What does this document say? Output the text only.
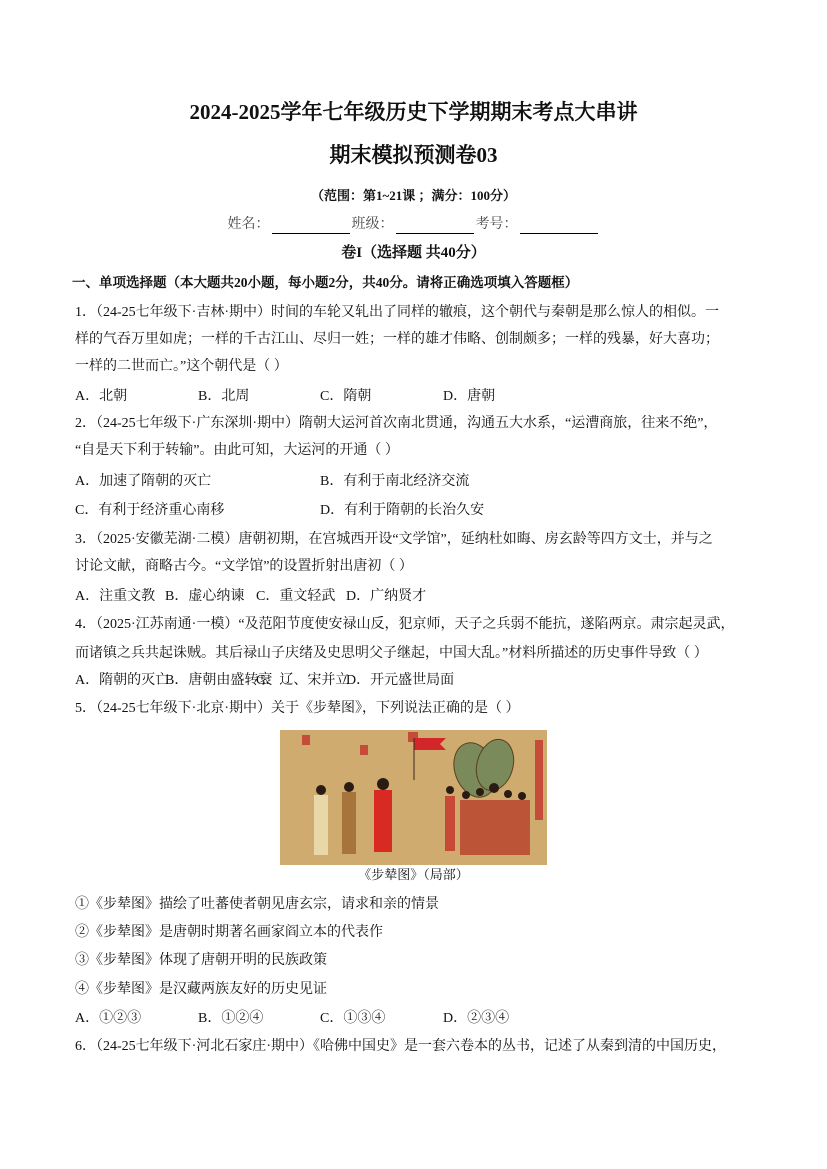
2024-2025学年七年级历史下学期期末考点大串讲
期末模拟预测卷03
（范围：第1~21课 ；满分：100分）
姓名：	班级：	考号：
卷I（选择题 共40分）
一、单项选择题（本大题共20小题，每小题2分，共40分。请将正确选项填入答题框）
1．（24-25七年级下·吉林·期中）时间的车轮又轧出了同样的辙痕，这个朝代与秦朝是那么惊人的相似。一
样的气吞万里如虎；一样的千古江山、尽归一姓；一样的雄才伟略、创制颇多；一样的残暴，好大喜功；
一样的二世而亡。”这个朝代是（ ）
A．北朝	B．北周	C．隋朝	D．唐朝
2．（24-25七年级下·广东深圳·期中）隋朝大运河首次南北贯通，沟通五大水系，“运漕商旅，往来不绝”，
“自是天下利于转输”。由此可知，大运河的开通（ ）
A．加速了隋朝的灭亡	B．有利于南北经济交流
C．有利于经济重心南移	D．有利于隋朝的长治久安
3．（2025·安徽芜湖·二模）唐朝初期，在宫城西开设“文学馆”，延纳杜如晦、房玄龄等四方文士，并与之
讨论文献，商略古今。“文学馆”的设置折射出唐初（ ）
A．注重文教 B．虚心纳谏 C．重文轻武 D．广纳贤才
4．（2025·江苏南通·一模）“及范阳节度使安禄山反，犯京师，天子之兵弱不能抗，遂陷两京。肃宗起灵武，
而诸镇之兵共起诛贼。其后禄山子庆绪及史思明父子继起，中国大乱。”材料所描述的历史事件导致（ ）
A．隋朝的灭亡
B．唐朝由盛转衰
C．辽、宋并立
D．开元盛世局面
5．（24-25七年级下·北京·期中）关于《步辇图》，下列说法正确的是（ ）
《步辇图》（局部）
①《步辇图》描绘了吐蕃使者朝见唐玄宗，请求和亲的情景
②《步辇图》是唐朝时期著名画家阎立本的代表作
③《步辇图》体现了唐朝开明的民族政策
④《步辇图》是汉藏两族友好的历史见证
A．①②③	B．①②④	C．①③④	D．②③④
6．（24-25七年级下·河北石家庄·期中）《哈佛中国史》是一套六卷本的丛书，记述了从秦到清的中国历史，
